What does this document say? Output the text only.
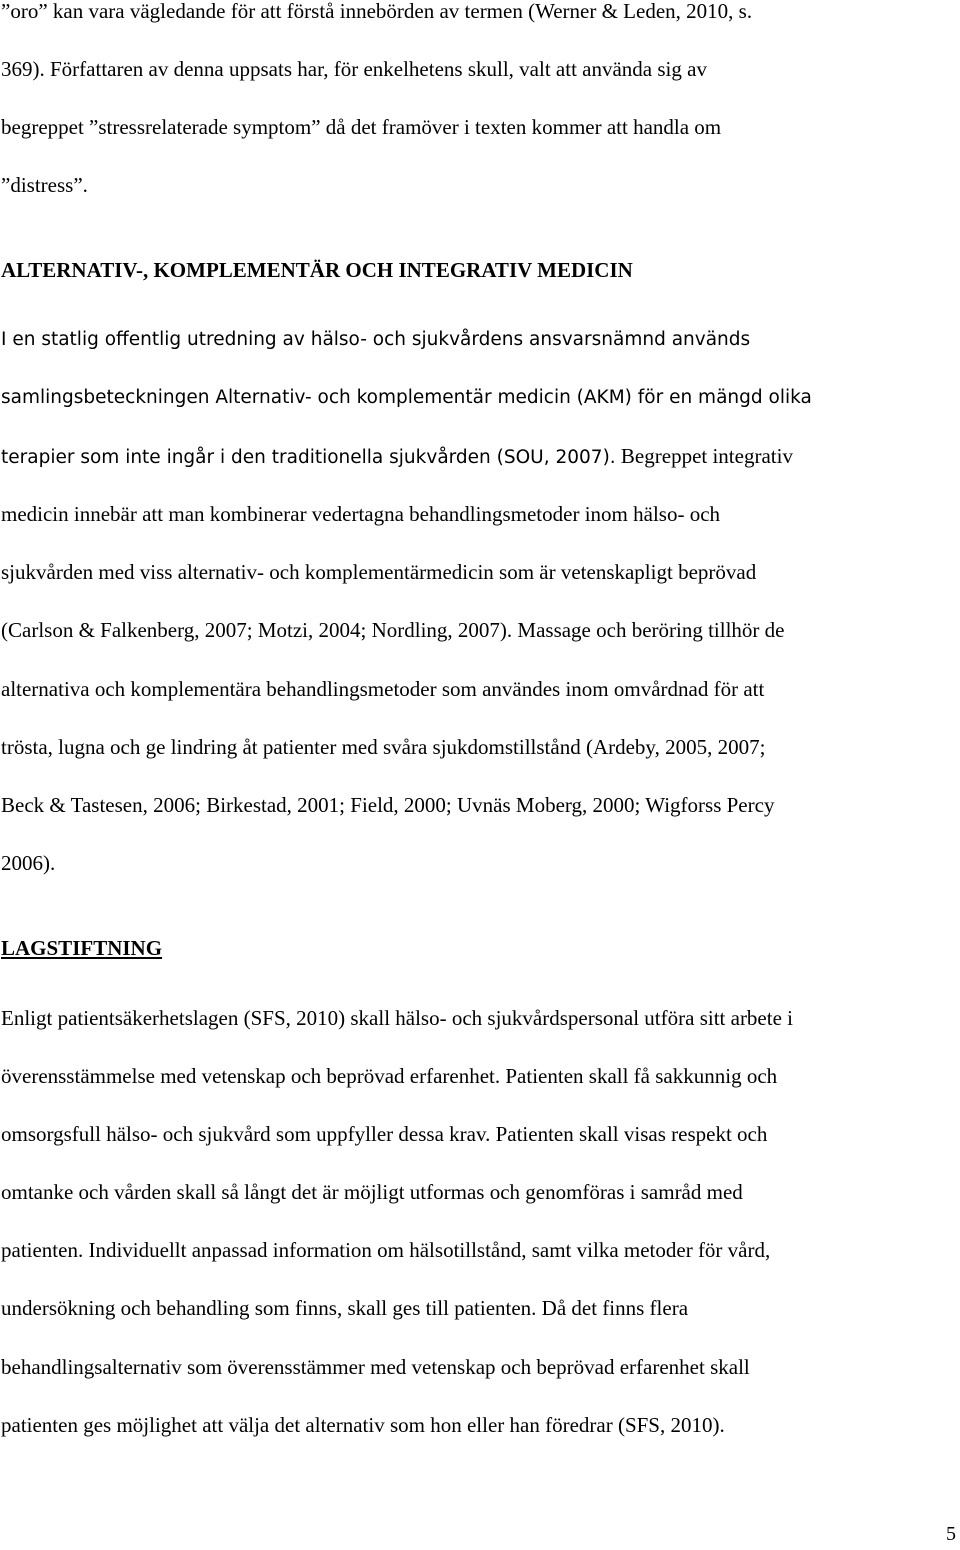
”oro” kan vara vägledande för att förstå innebörden av termen (Werner & Leden, 2010, s.
369). Författaren av denna uppsats har, för enkelhetens skull, valt att använda sig av
begreppet ”stressrelaterade symptom” då det framöver i texten kommer att handla om
”distress”.
ALTERNATIV-, KOMPLEMENTÄR OCH INTEGRATIV MEDICIN
I en statlig offentlig utredning av hälso- och sjukvårdens ansvarsnämnd används
samlingsbeteckningen Alternativ- och komplementär medicin (AKM) för en mängd olika
terapier som inte ingår i den traditionella sjukvården (SOU, 2007). Begreppet integrativ
medicin innebär att man kombinerar vedertagna behandlingsmetoder inom hälso- och
sjukvården med viss alternativ- och komplementärmedicin som är vetenskapligt beprövad
(Carlson & Falkenberg, 2007; Motzi, 2004; Nordling, 2007). Massage och beröring tillhör de
alternativa och komplementära behandlingsmetoder som användes inom omvårdnad för att
trösta, lugna och ge lindring åt patienter med svåra sjukdomstillstånd (Ardeby, 2005, 2007;
Beck & Tastesen, 2006; Birkestad, 2001; Field, 2000; Uvnäs Moberg, 2000; Wigforss Percy
2006).
LAGSTIFTNING
Enligt patientsäkerhetslagen (SFS, 2010) skall hälso- och sjukvårdspersonal utföra sitt arbete i
överensstämmelse med vetenskap och beprövad erfarenhet. Patienten skall få sakkunnig och
omsorgsfull hälso- och sjukvård som uppfyller dessa krav. Patienten skall visas respekt och
omtanke och vården skall så långt det är möjligt utformas och genomföras i samråd med
patienten. Individuellt anpassad information om hälsotillstånd, samt vilka metoder för vård,
undersökning och behandling som finns, skall ges till patienten. Då det finns flera
behandlingsalternativ som överensstämmer med vetenskap och beprövad erfarenhet skall
patienten ges möjlighet att välja det alternativ som hon eller han föredrar (SFS, 2010).
5
